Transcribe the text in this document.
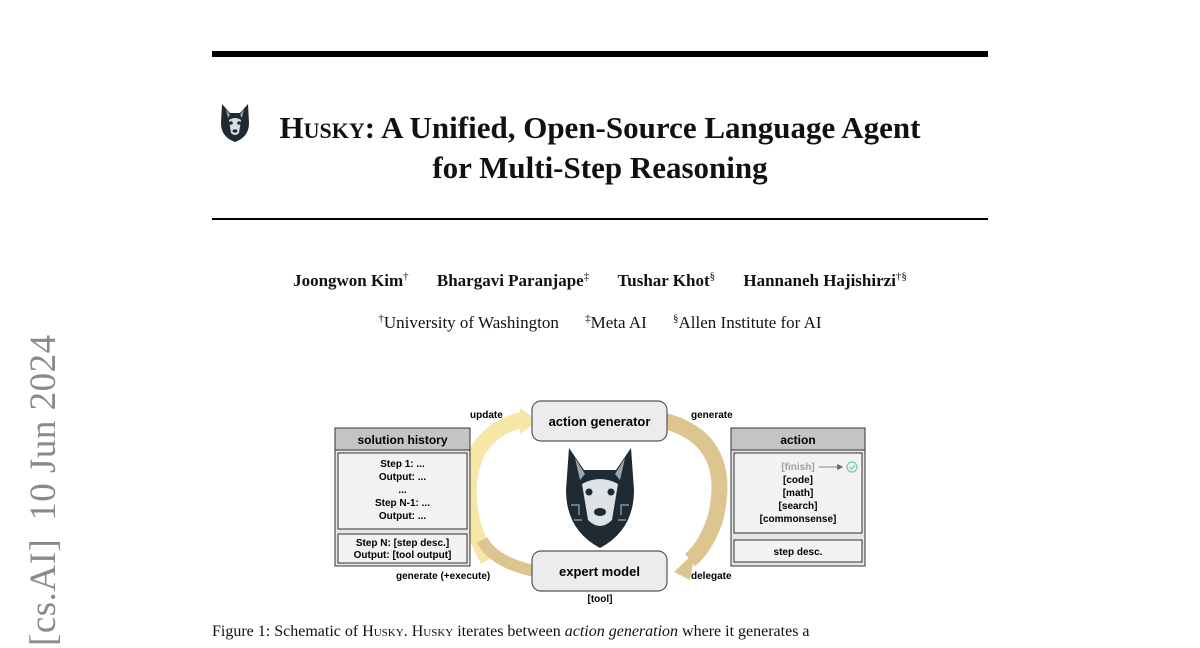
[cs.AI]10 Jun 2024
Husky: A Unified, Open-Source Language Agent
for Multi-Step Reasoning
Joongwon Kim† Bhargavi Paranjape‡ Tushar Khot§ Hannaneh Hajishirzi†§
†University of Washington ‡Meta AI §Allen Institute for AI
action generator
expert model
update	generate
delegate
generate (+execute)
[tool]
solution history
Step 1: ...
Output: ...
...
Step N-1: ...
Output: ...
Step N: [step desc.]
Output: [tool output]
action
[finish]
[code]
[math]
[search]
[commonsense]
step desc.
Figure 1: Schematic of Husky. Husky iterates between action generation where it generates a
